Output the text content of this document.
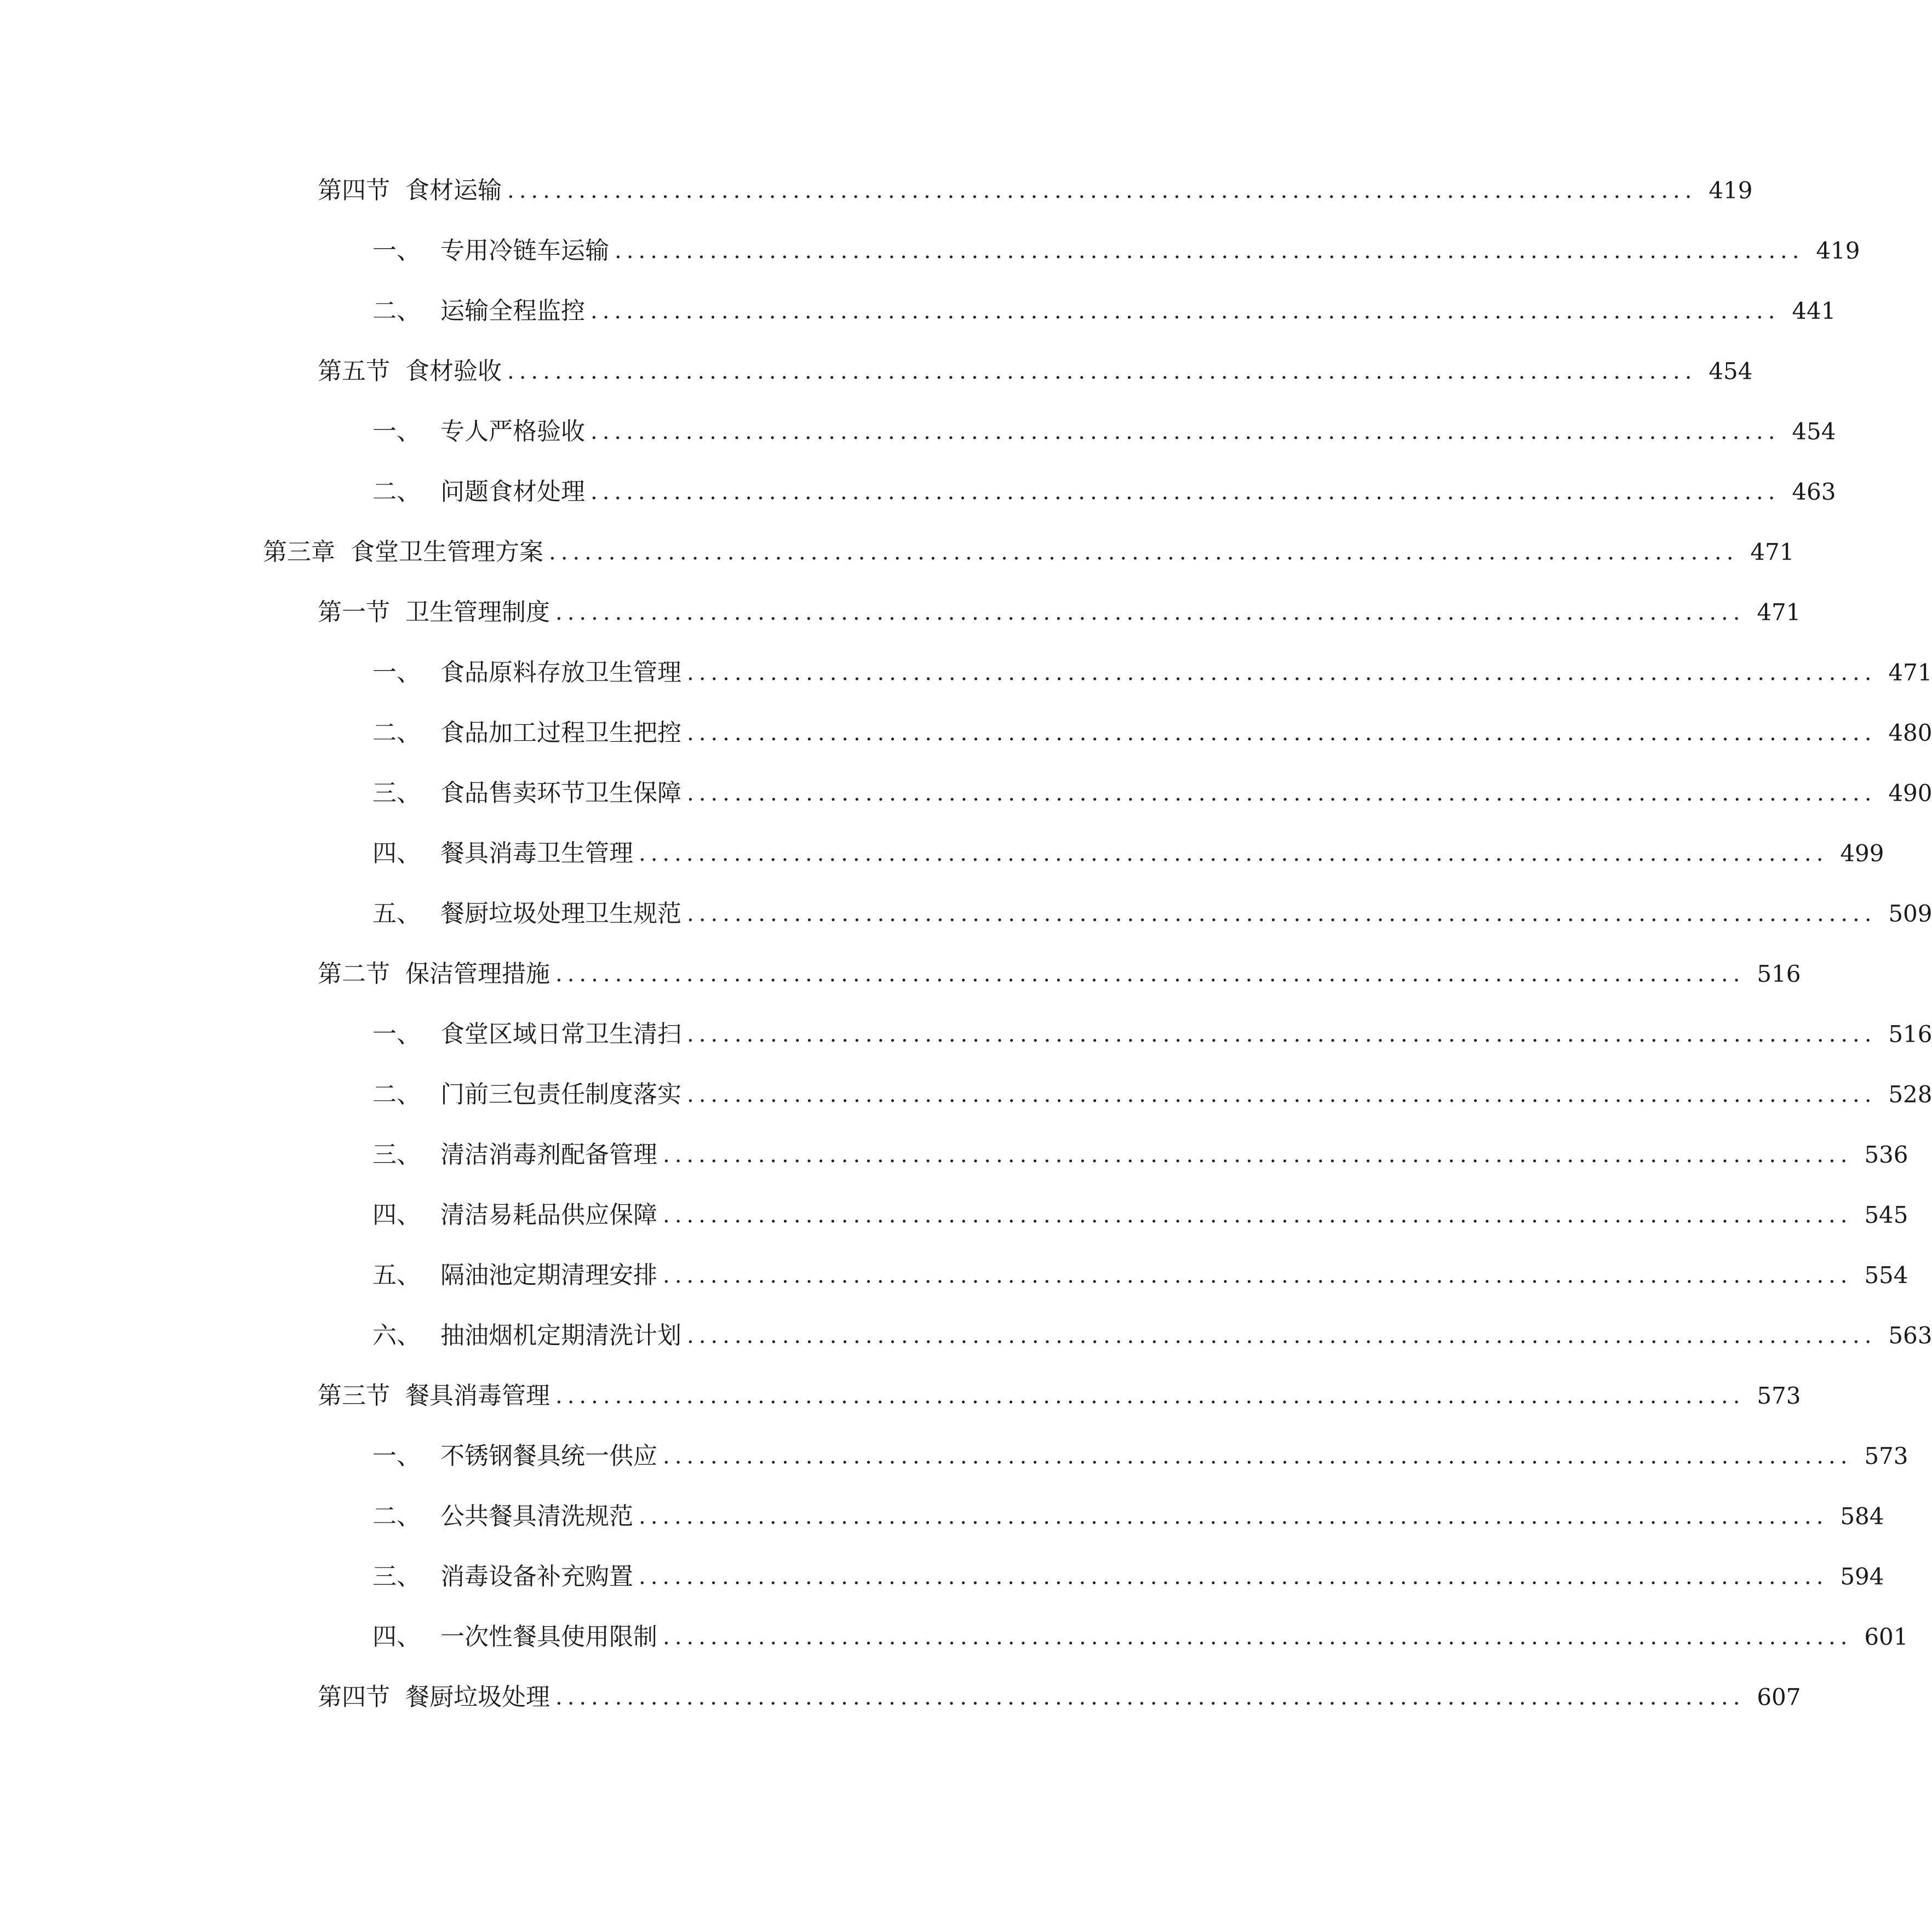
第四节 食材运输 .................................................................................................... 419
一、 专用冷链车运输 .................................................................................................... 419
二、 运输全程监控 .................................................................................................... 441
第五节 食材验收 .................................................................................................... 454
一、 专人严格验收 .................................................................................................... 454
二、 问题食材处理 .................................................................................................... 463
第三章 食堂卫生管理方案 .................................................................................................... 471
第一节 卫生管理制度 .................................................................................................... 471
一、 食品原料存放卫生管理 .................................................................................................... 471
二、 食品加工过程卫生把控 .................................................................................................... 480
三、 食品售卖环节卫生保障 .................................................................................................... 490
四、 餐具消毒卫生管理 .................................................................................................... 499
五、 餐厨垃圾处理卫生规范 .................................................................................................... 509
第二节 保洁管理措施 .................................................................................................... 516
一、 食堂区域日常卫生清扫 .................................................................................................... 516
二、 门前三包责任制度落实 .................................................................................................... 528
三、 清洁消毒剂配备管理 .................................................................................................... 536
四、 清洁易耗品供应保障 .................................................................................................... 545
五、 隔油池定期清理安排 .................................................................................................... 554
六、 抽油烟机定期清洗计划 .................................................................................................... 563
第三节 餐具消毒管理 .................................................................................................... 573
一、 不锈钢餐具统一供应 .................................................................................................... 573
二、 公共餐具清洗规范 .................................................................................................... 584
三、 消毒设备补充购置 .................................................................................................... 594
四、 一次性餐具使用限制 .................................................................................................... 601
第四节 餐厨垃圾处理 .................................................................................................... 607
